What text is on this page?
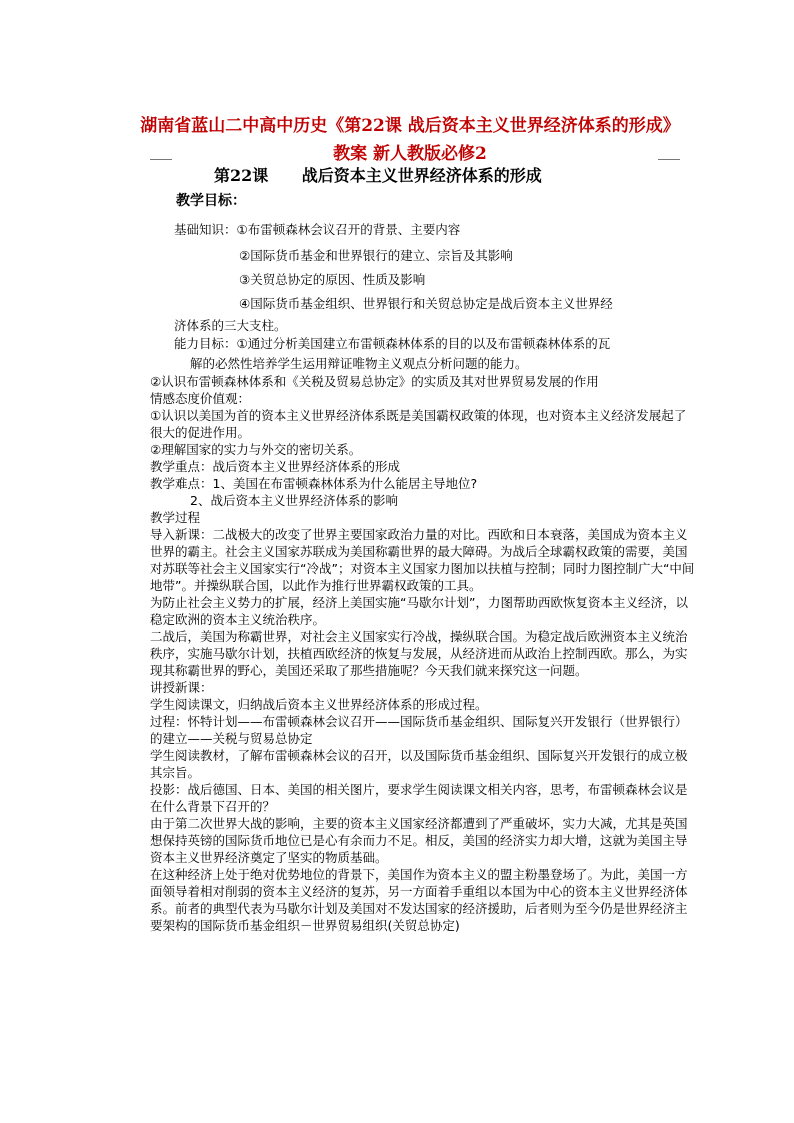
湖南省蓝山二中高中历史《第22课 战后资本主义世界经济体系的形成》教案 新人教版必修2
第22课      战后资本主义世界经济体系的形成
教学目标：
基础知识：①布雷顿森林会议召开的背景、主要内容
②国际货币基金和世界银行的建立、宗旨及其影响
③关贸总协定的原因、性质及影响
④国际货币基金组织、世界银行和关贸总协定是战后资本主义世界经
济体系的三大支柱。
能力目标：①通过分析美国建立布雷顿森林体系的目的以及布雷顿森林体系的瓦
解的必然性培养学生运用辩证唯物主义观点分析问题的能力。

②认识布雷顿森林体系和《关税及贸易总协定》的实质及其对世界贸易发展的作用

情感态度价值观：

①认识以美国为首的资本主义世界经济体系既是美国霸权政策的体现，也对资本主义经济发展起了很大的促进作用。

②理解国家的实力与外交的密切关系。

教学重点：战后资本主义世界经济体系的形成

教学难点：1、美国在布雷顿森林体系为什么能居主导地位?

2、战后资本主义世界经济体系的影响

教学过程

导入新课：二战极大的改变了世界主要国家政治力量的对比。西欧和日本衰落，美国成为资本主义世界的霸主。社会主义国家苏联成为美国称霸世界的最大障碍。为战后全球霸权政策的需要，美国对苏联等社会主义国家实行“冷战”；对资本主义国家力图加以扶植与控制；同时力图控制广大“中间地带”。并操纵联合国，以此作为推行世界霸权政策的工具。

为防止社会主义势力的扩展，经济上美国实施“马歇尔计划”，力图帮助西欧恢复资本主义经济，以稳定欧洲的资本主义统治秩序。

二战后，美国为称霸世界，对社会主义国家实行冷战，操纵联合国。为稳定战后欧洲资本主义统治秩序，实施马歇尔计划，扶植西欧经济的恢复与发展，从经济进而从政治上控制西欧。那么，为实现其称霸世界的野心，美国还采取了那些措施呢？今天我们就来探究这一问题。

讲授新课：

学生阅读课文，归纳战后资本主义世界经济体系的形成过程。

过程：怀特计划——布雷顿森林会议召开——国际货币基金组织、国际复兴开发银行（世界银行）的建立——关税与贸易总协定

学生阅读教材，了解布雷顿森林会议的召开，以及国际货币基金组织、国际复兴开发银行的成立极其宗旨。

投影：战后德国、日本、美国的相关图片，要求学生阅读课文相关内容，思考，布雷顿森林会议是在什么背景下召开的？

由于第二次世界大战的影响，主要的资本主义国家经济都遭到了严重破坏，实力大减，尤其是英国想保持英镑的国际货币地位已是心有余而力不足。相反，美国的经济实力却大增，这就为美国主导资本主义世界经济奠定了坚实的物质基础。

在这种经济上处于绝对优势地位的背景下，美国作为资本主义的盟主粉墨登场了。为此，美国一方面领导着相对削弱的资本主义经济的复苏，另一方面着手重组以本国为中心的资本主义世界经济体系。前者的典型代表为马歇尔计划及美国对不发达国家的经济援助，后者则为至今仍是世界经济主要架构的国际货币基金组织－世界贸易组织(关贸总协定)
